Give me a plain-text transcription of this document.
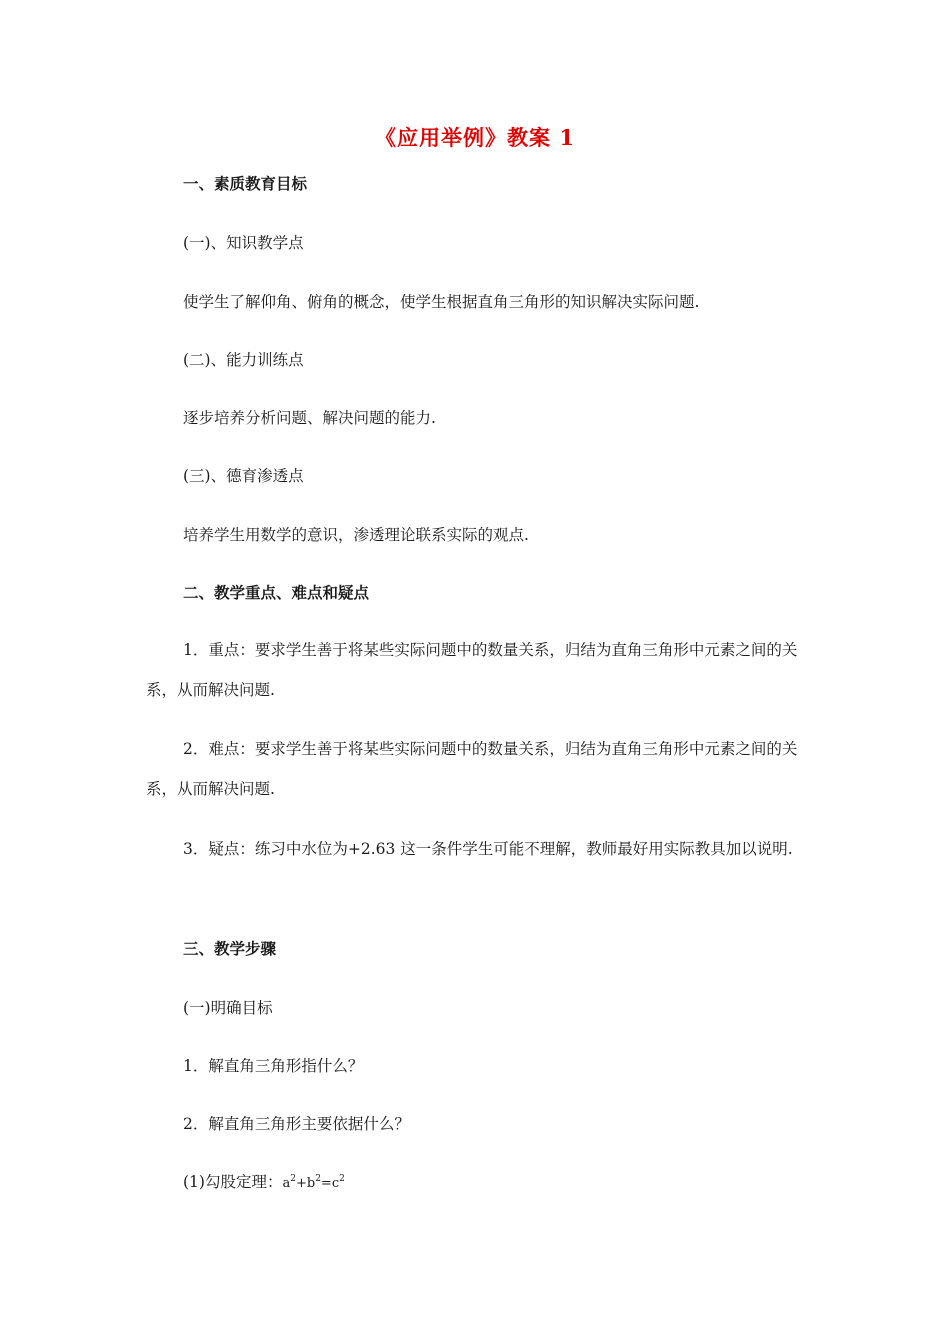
《应用举例》教案 1
一、素质教育目标
(一)、知识教学点
使学生了解仰角、俯角的概念，使学生根据直角三角形的知识解决实际问题.
(二)、能力训练点
逐步培养分析问题、解决问题的能力.
(三)、德育渗透点
培养学生用数学的意识，渗透理论联系实际的观点.
二、教学重点、难点和疑点
1．重点：要求学生善于将某些实际问题中的数量关系，归结为直角三角形中元素之间的关系，从而解决问题.
2．难点：要求学生善于将某些实际问题中的数量关系，归结为直角三角形中元素之间的关系，从而解决问题.
3．疑点：练习中水位为+2.63 这一条件学生可能不理解，教师最好用实际教具加以说明.
三、教学步骤
(一)明确目标
1．解直角三角形指什么？
2．解直角三角形主要依据什么？
(1)勾股定理：$a^2+b^2=c^2$
